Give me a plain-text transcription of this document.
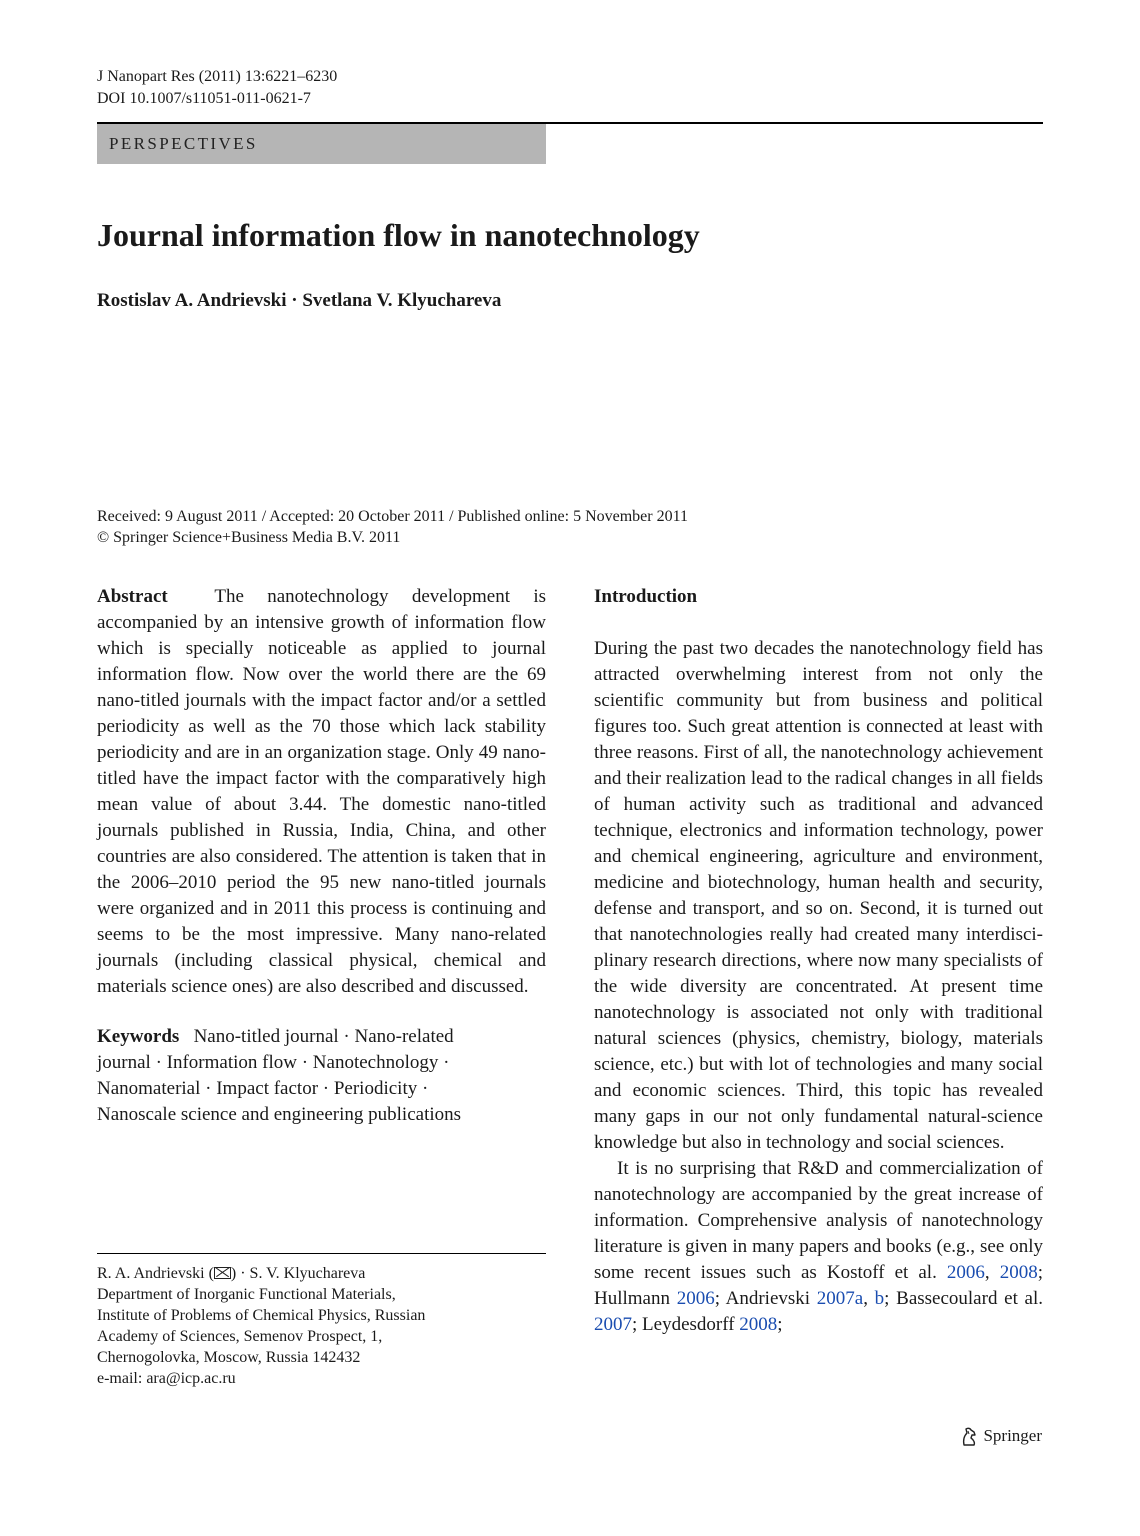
J Nanopart Res (2011) 13:6221–6230
DOI 10.1007/s11051-011-0621-7
PERSPECTIVES
Journal information flow in nanotechnology
Rostislav A. Andrievski · Svetlana V. Klyuchareva
Received: 9 August 2011 / Accepted: 20 October 2011 / Published online: 5 November 2011
© Springer Science+Business Media B.V. 2011

Abstract The nanotechnology development is accompanied by an intensive growth of information flow which is specially noticeable as applied to journal information flow. Now over the world there are the 69 nano-titled journals with the impact factor and/or a settled periodicity as well as the 70 those which lack stability periodicity and are in an organization stage. Only 49 nano-titled have the impact factor with the comparatively high mean value of about 3.44. The domestic nano-titled journals published in Russia, India, China, and other countries are also considered. The attention is taken that in the 2006–2010 period the 95 new nano-titled journals were organized and in 2011 this process is continuing and seems to be the most impressive. Many nano-related journals (including classical physical, chemical and materials science ones) are also described and discussed.

Keywords Nano-titled journal · Nano-related
journal · Information flow · Nanotechnology ·
Nanomaterial · Impact factor · Periodicity ·
Nanoscale science and engineering publications

R. A. Andrievski ( ) · S. V. Klyuchareva
Department of Inorganic Functional Materials,
Institute of Problems of Chemical Physics, Russian
Academy of Sciences, Semenov Prospect, 1,
Chernogolovka, Moscow, Russia 142432
e-mail: ara@icp.ac.ru
Introduction

During the past two decades the nanotechnology field has attracted overwhelming interest from not only the scientific community but from business and political figures too. Such great attention is connected at least with three reasons. First of all, the nanotechnology achievement and their realization lead to the radical changes in all fields of human activity such as traditional and advanced technique, electronics and information technology, power and chemical engineering, agriculture and environment, medicine and biotechnology, human health and security, defense and transport, and so on. Second, it is turned out that nanotechnologies really had created many interdisciplinary research directions, where now many specialists of the wide diversity are concentrated. At present time nanotechnology is associated not only with traditional natural sciences (physics, chemistry, biology, materials science, etc.) but with lot of technologies and many social and economic sciences. Third, this topic has revealed many gaps in our not only fundamental natural-science knowledge but also in technology and social sciences.

It is no surprising that R&D and commercialization of nanotechnology are accompanied by the great increase of information. Comprehensive analysis of nanotechnology literature is given in many papers and books (e.g., see only some recent issues such as Kostoff et al. 2006, 2008; Hullmann 2006; Andrievski 2007a, b; Bassecoulard et al. 2007; Leydesdorff 2008;

Springer
